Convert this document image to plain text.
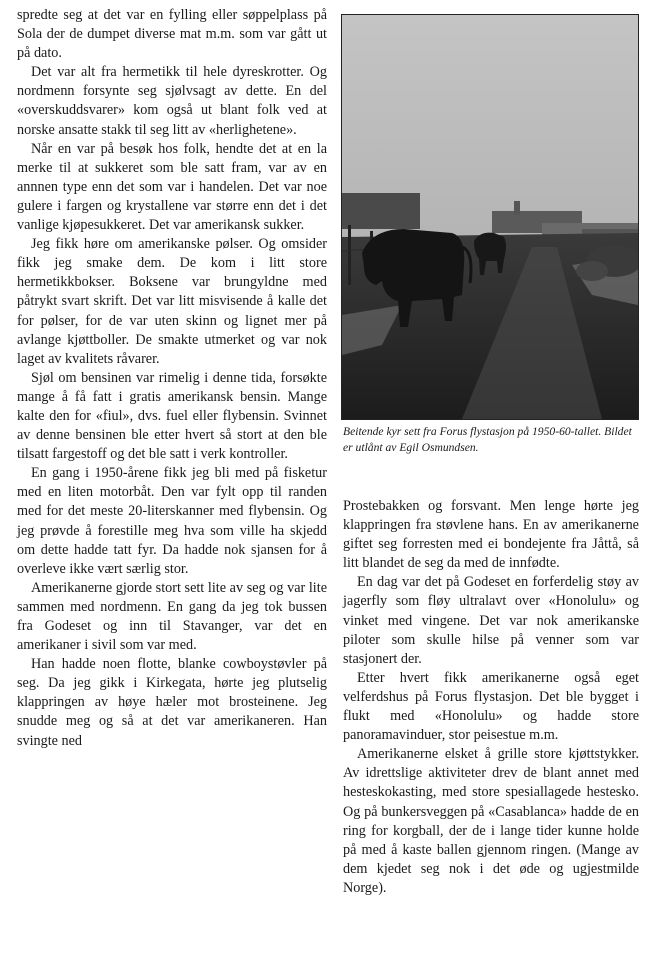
spredte seg at det var en fylling eller søppelplass på Sola der de dumpet diverse mat m.m. som var gått ut på dato.

Det var alt fra hermetikk til hele dyreskrotter. Og nordmenn forsynte seg sjølvsagt av dette. En del «overskuddsvarer» kom også ut blant folk ved at norske ansatte stakk til seg litt av «herlighetene».

Når en var på besøk hos folk, hendte det at en la merke til at sukkeret som ble satt fram, var av en annnen type enn det som var i handelen. Det var noe gulere i fargen og krystallene var større enn det i det vanlige kjøpesukkeret. Det var amerikansk sukker.

Jeg fikk høre om amerikanske pølser. Og omsider fikk jeg smake dem. De kom i litt store hermetikkbokser. Boksene var brungyldne med påtrykt svart skrift. Det var litt misvisende å kalle det for pølser, for de var uten skinn og lignet mer på avlange kjøttboller. De smakte utmerket og var nok laget av kvalitets råvarer.

Sjøl om bensinen var rimelig i denne tida, forsøkte mange å få fatt i gratis amerikansk bensin. Mange kalte den for «fiul», dvs. fuel eller flybensin. Svinnet av denne bensinen ble etter hvert så stort at den ble tilsatt fargestoff og det ble satt i verk kontroller.

En gang i 1950-årene fikk jeg bli med på fisketur med en liten motorbåt. Den var fylt opp til randen med for det meste 20-literskanner med flybensin. Og jeg prøvde å forestille meg hva som ville ha skjedd om dette hadde tatt fyr. Da hadde nok sjansen for å overleve ikke vært særlig stor.

Amerikanerne gjorde stort sett lite av seg og var lite sammen med nordmenn. En gang da jeg tok bussen fra Godeset og inn til Stavanger, var det en amerikaner i sivil som var med.

Han hadde noen flotte, blanke cowboystøvler på seg. Da jeg gikk i Kirkegata, hørte jeg plutselig klappringen av høye hæler mot brosteinene. Jeg snudde meg og så at det var amerikaneren. Han svingte ned

Beitende kyr sett fra Forus flystasjon på 1950-60-tallet. Bildet er utlånt av Egil Osmundsen.

Prostebakken og forsvant. Men lenge hørte jeg klappringen fra støvlene hans. En av amerikanerne giftet seg forresten med ei bondejente fra Jåttå, så litt blandet de seg da med de innfødte.

En dag var det på Godeset en forferdelig støy av jagerfly som fløy ultralavt over «Honolulu» og vinket med vingene. Det var nok amerikanske piloter som skulle hilse på venner som var stasjonert der.

Etter hvert fikk amerikanerne også eget velferdshus på Forus flystasjon. Det ble bygget i flukt med «Honolulu» og hadde store panoramavinduer, stor peisestue m.m.

Amerikanerne elsket å grille store kjøttstykker. Av idrettslige aktiviteter drev de blant annet med hesteskokasting, med store spesiallagede hestesko. Og på bunkersveggen på «Casablanca» hadde de en ring for korgball, der de i lange tider kunne holde på med å kaste ballen gjennom ringen. (Mange av dem kjedet seg nok i det øde og ugjestmilde Norge).
